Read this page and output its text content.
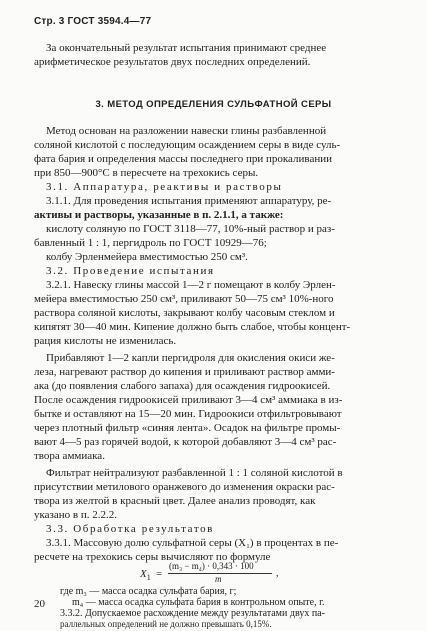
Стр. 3 ГОСТ 3594.4—77
За окончательный результат испытания принимают среднее
арифметическое результатов двух последних определений.
3. МЕТОД ОПРЕДЕЛЕНИЯ СУЛЬФАТНОЙ СЕРЫ
Метод основан на разложении навески глины разбавленной
соляной кислотой с последующим осаждением серы в виде суль-
фата бария и определения массы последнего при прокаливании
при 850—900°С в пересчете на трехокись серы.
3.1. Аппаратура, реактивы и растворы
3.1.1. Для проведения испытания применяют аппаратуру, ре-
активы и растворы, указанные в п. 2.1.1, а также:
кислоту соляную по ГОСТ 3118—77, 10%-ный раствор и раз-
бавленный 1 : 1, пергидроль по ГОСТ 10929—76;
колбу Эрленмейера вместимостью 250 см³.
3.2. Проведение испытания
3.2.1. Навеску глины массой 1—2 г помещают в колбу Эрлен-
мейера вместимостью 250 см³, приливают 50—75 см³ 10%-ного
раствора соляной кислоты, закрывают колбу часовым стеклом и
кипятят 30—40 мин. Кипение должно быть слабое, чтобы концент-
рация кислоты не изменилась.
Прибавляют 1—2 капли пергидроля для окисления окиси же-
леза, нагревают раствор до кипения и приливают раствор амми-
ака (до появления слабого запаха) для осаждения гидроокисей.
После осаждения гидроокисей приливают 3—4 см³ аммиака в из-
бытке и оставляют на 15—20 мин. Гидроокиси отфильтровывают
через плотный фильтр «синяя лента». Осадок на фильтре промы-
вают 4—5 раз горячей водой, к которой добавляют 3—4 см³ рас-
твора аммиака.
Фильтрат нейтрализуют разбавленной 1 : 1 соляной кислотой в
присутствии метилового оранжевого до изменения окраски рас-
твора из желтой в красный цвет. Далее анализ проводят, как
указано в п. 2.2.2.
3.3. Обработка результатов
3.3.1. Массовую долю сульфатной серы (X₁) в процентах в пе-
ресчете на трехокись серы вычисляют по формуле
20
$X_1$ =
(m₃ − m₄) · 0,343 · 100
m	,
где m₃ — масса осадка сульфата бария, г;
m₄ — масса осадка сульфата бария в контрольном опыте, г.
3.3.2. Допускаемое расхождение между результатами двух па-
раллельных определений не должно превышать 0,15%.
